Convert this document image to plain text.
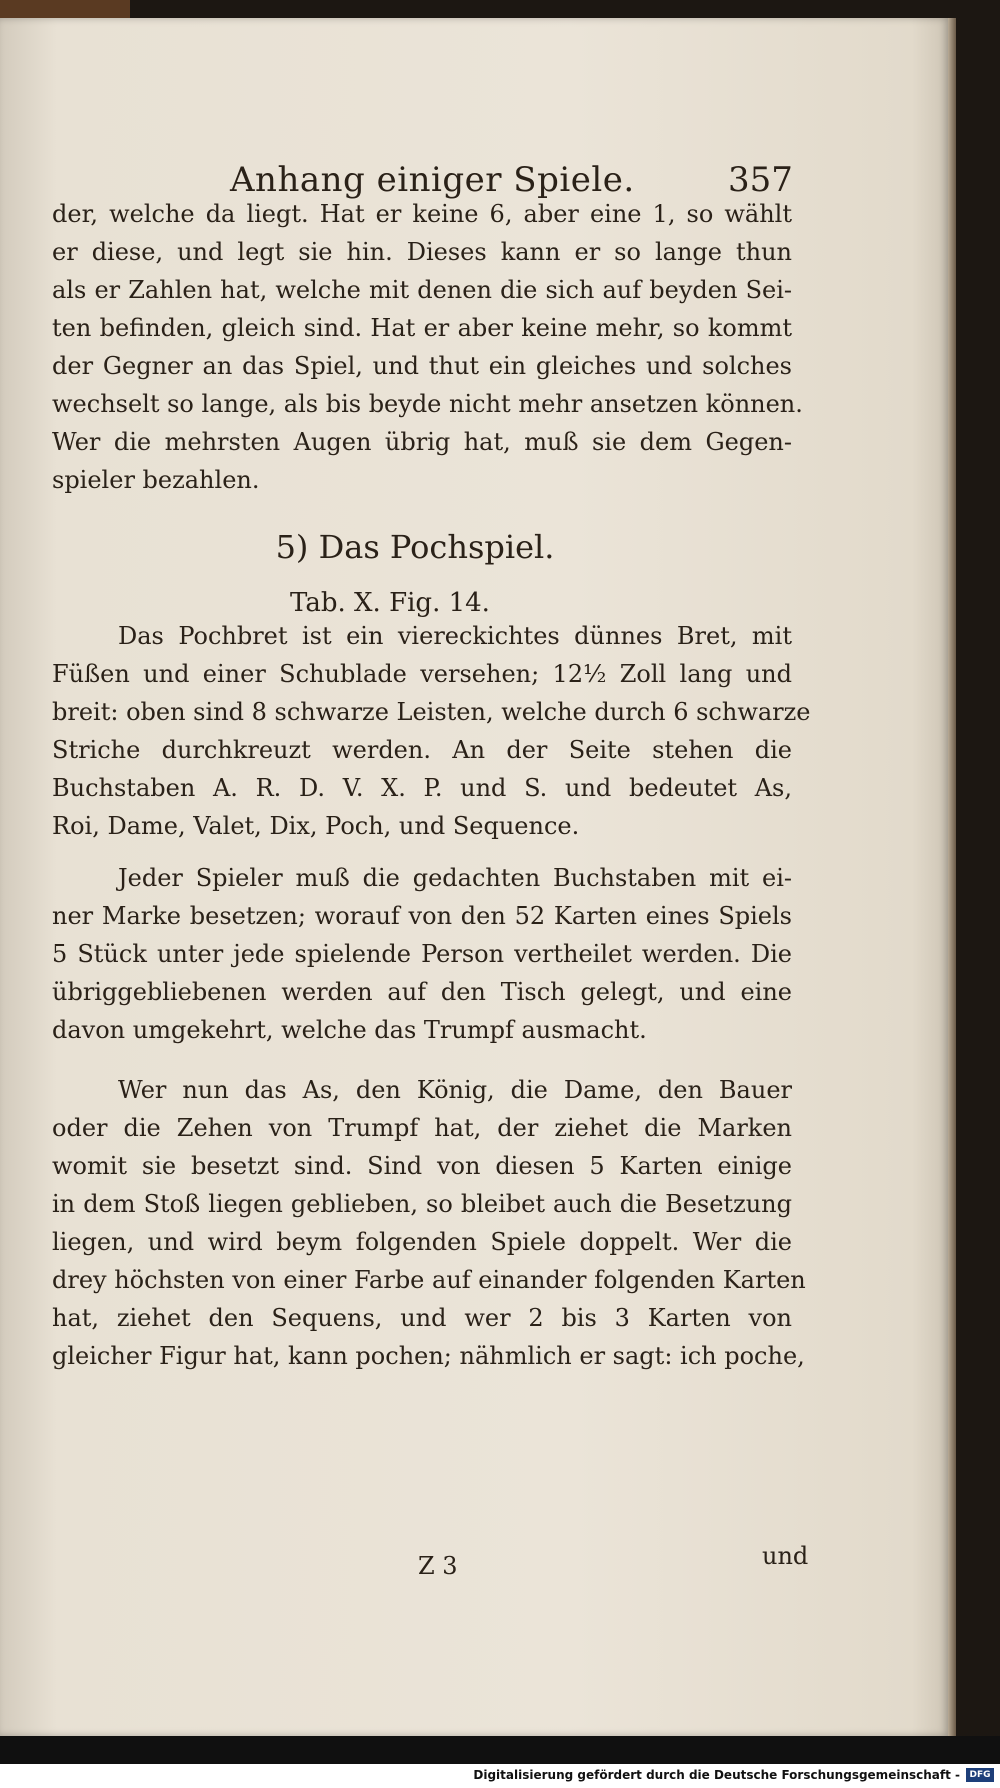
Anhang einiger Spiele.	357
der, welche da liegt. Hat er keine 6, aber eine 1, so wählt
er diese, und legt sie hin. Dieses kann er so lange thun
als er Zahlen hat, welche mit denen die sich auf beyden Sei-
ten befinden, gleich sind. Hat er aber keine mehr, so kommt
der Gegner an das Spiel, und thut ein gleiches und solches
wechselt so lange, als bis beyde nicht mehr ansetzen können.
Wer die mehrsten Augen übrig hat, muß sie dem Gegen-
spieler bezahlen.
5) Das Pochspiel.
Tab. X. Fig. 14.
Das Pochbret ist ein viereckichtes dünnes Bret, mit
Füßen und einer Schublade versehen; 12½ Zoll lang und
breit: oben sind 8 schwarze Leisten, welche durch 6 schwarze
Striche durchkreuzt werden. An der Seite stehen die
Buchstaben A. R. D. V. X. P. und S. und bedeutet As,
Roi, Dame, Valet, Dix, Poch, und Sequence.
Jeder Spieler muß die gedachten Buchstaben mit ei-
ner Marke besetzen; worauf von den 52 Karten eines Spiels
5 Stück unter jede spielende Person vertheilet werden. Die
übriggebliebenen werden auf den Tisch gelegt, und eine
davon umgekehrt, welche das Trumpf ausmacht.
Wer nun das As, den König, die Dame, den Bauer
oder die Zehen von Trumpf hat, der ziehet die Marken
womit sie besetzt sind. Sind von diesen 5 Karten einige
in dem Stoß liegen geblieben, so bleibet auch die Besetzung
liegen, und wird beym folgenden Spiele doppelt. Wer die
drey höchsten von einer Farbe auf einander folgenden Karten
hat, ziehet den Sequens, und wer 2 bis 3 Karten von
gleicher Figur hat, kann pochen; nähmlich er sagt: ich poche,
Z 3	und
Digitalisierung gefördert durch die Deutsche Forschungsgemeinschaft -	DFG
